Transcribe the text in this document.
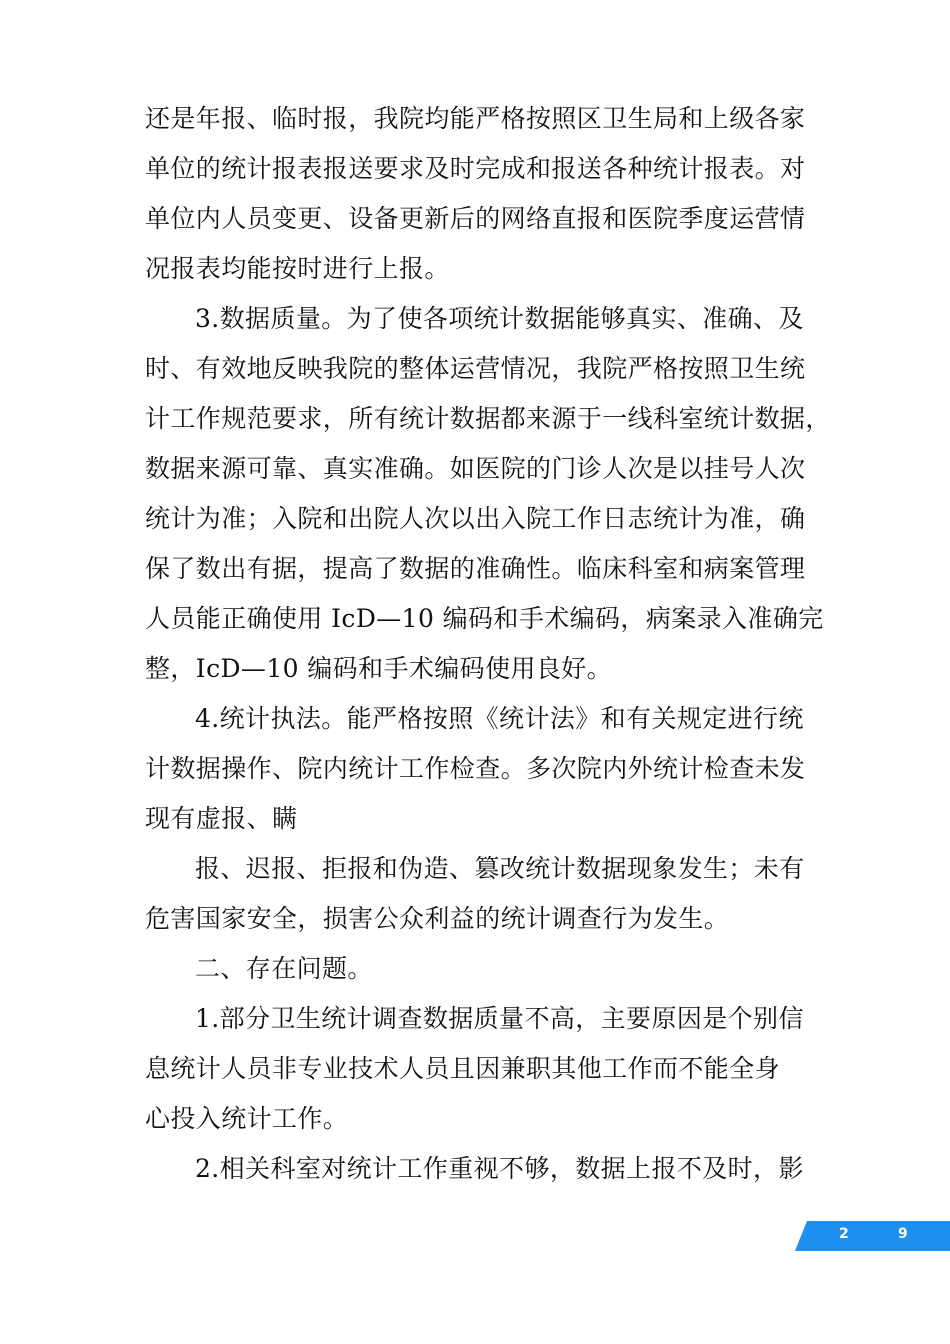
还是年报、临时报，我院均能严格按照区卫生局和上级各家
单位的统计报表报送要求及时完成和报送各种统计报表。对
单位内人员变更、设备更新后的网络直报和医院季度运营情
况报表均能按时进行上报。
3.数据质量。为了使各项统计数据能够真实、准确、及
时、有效地反映我院的整体运营情况，我院严格按照卫生统
计工作规范要求，所有统计数据都来源于一线科室统计数据，
数据来源可靠、真实准确。如医院的门诊人次是以挂号人次
统计为准；入院和出院人次以出入院工作日志统计为准，确
保了数出有据，提高了数据的准确性。临床科室和病案管理
人员能正确使用 IcD—10 编码和手术编码，病案录入准确完
整，IcD—10 编码和手术编码使用良好。
4.统计执法。能严格按照《统计法》和有关规定进行统
计数据操作、院内统计工作检查。多次院内外统计检查未发
现有虚报、瞒
报、迟报、拒报和伪造、篡改统计数据现象发生；未有
危害国家安全，损害公众利益的统计调查行为发生。
二、存在问题。
1.部分卫生统计调查数据质量不高，主要原因是个别信
息统计人员非专业技术人员且因兼职其他工作而不能全身
心投入统计工作。
2.相关科室对统计工作重视不够，数据上报不及时，影
2	9
